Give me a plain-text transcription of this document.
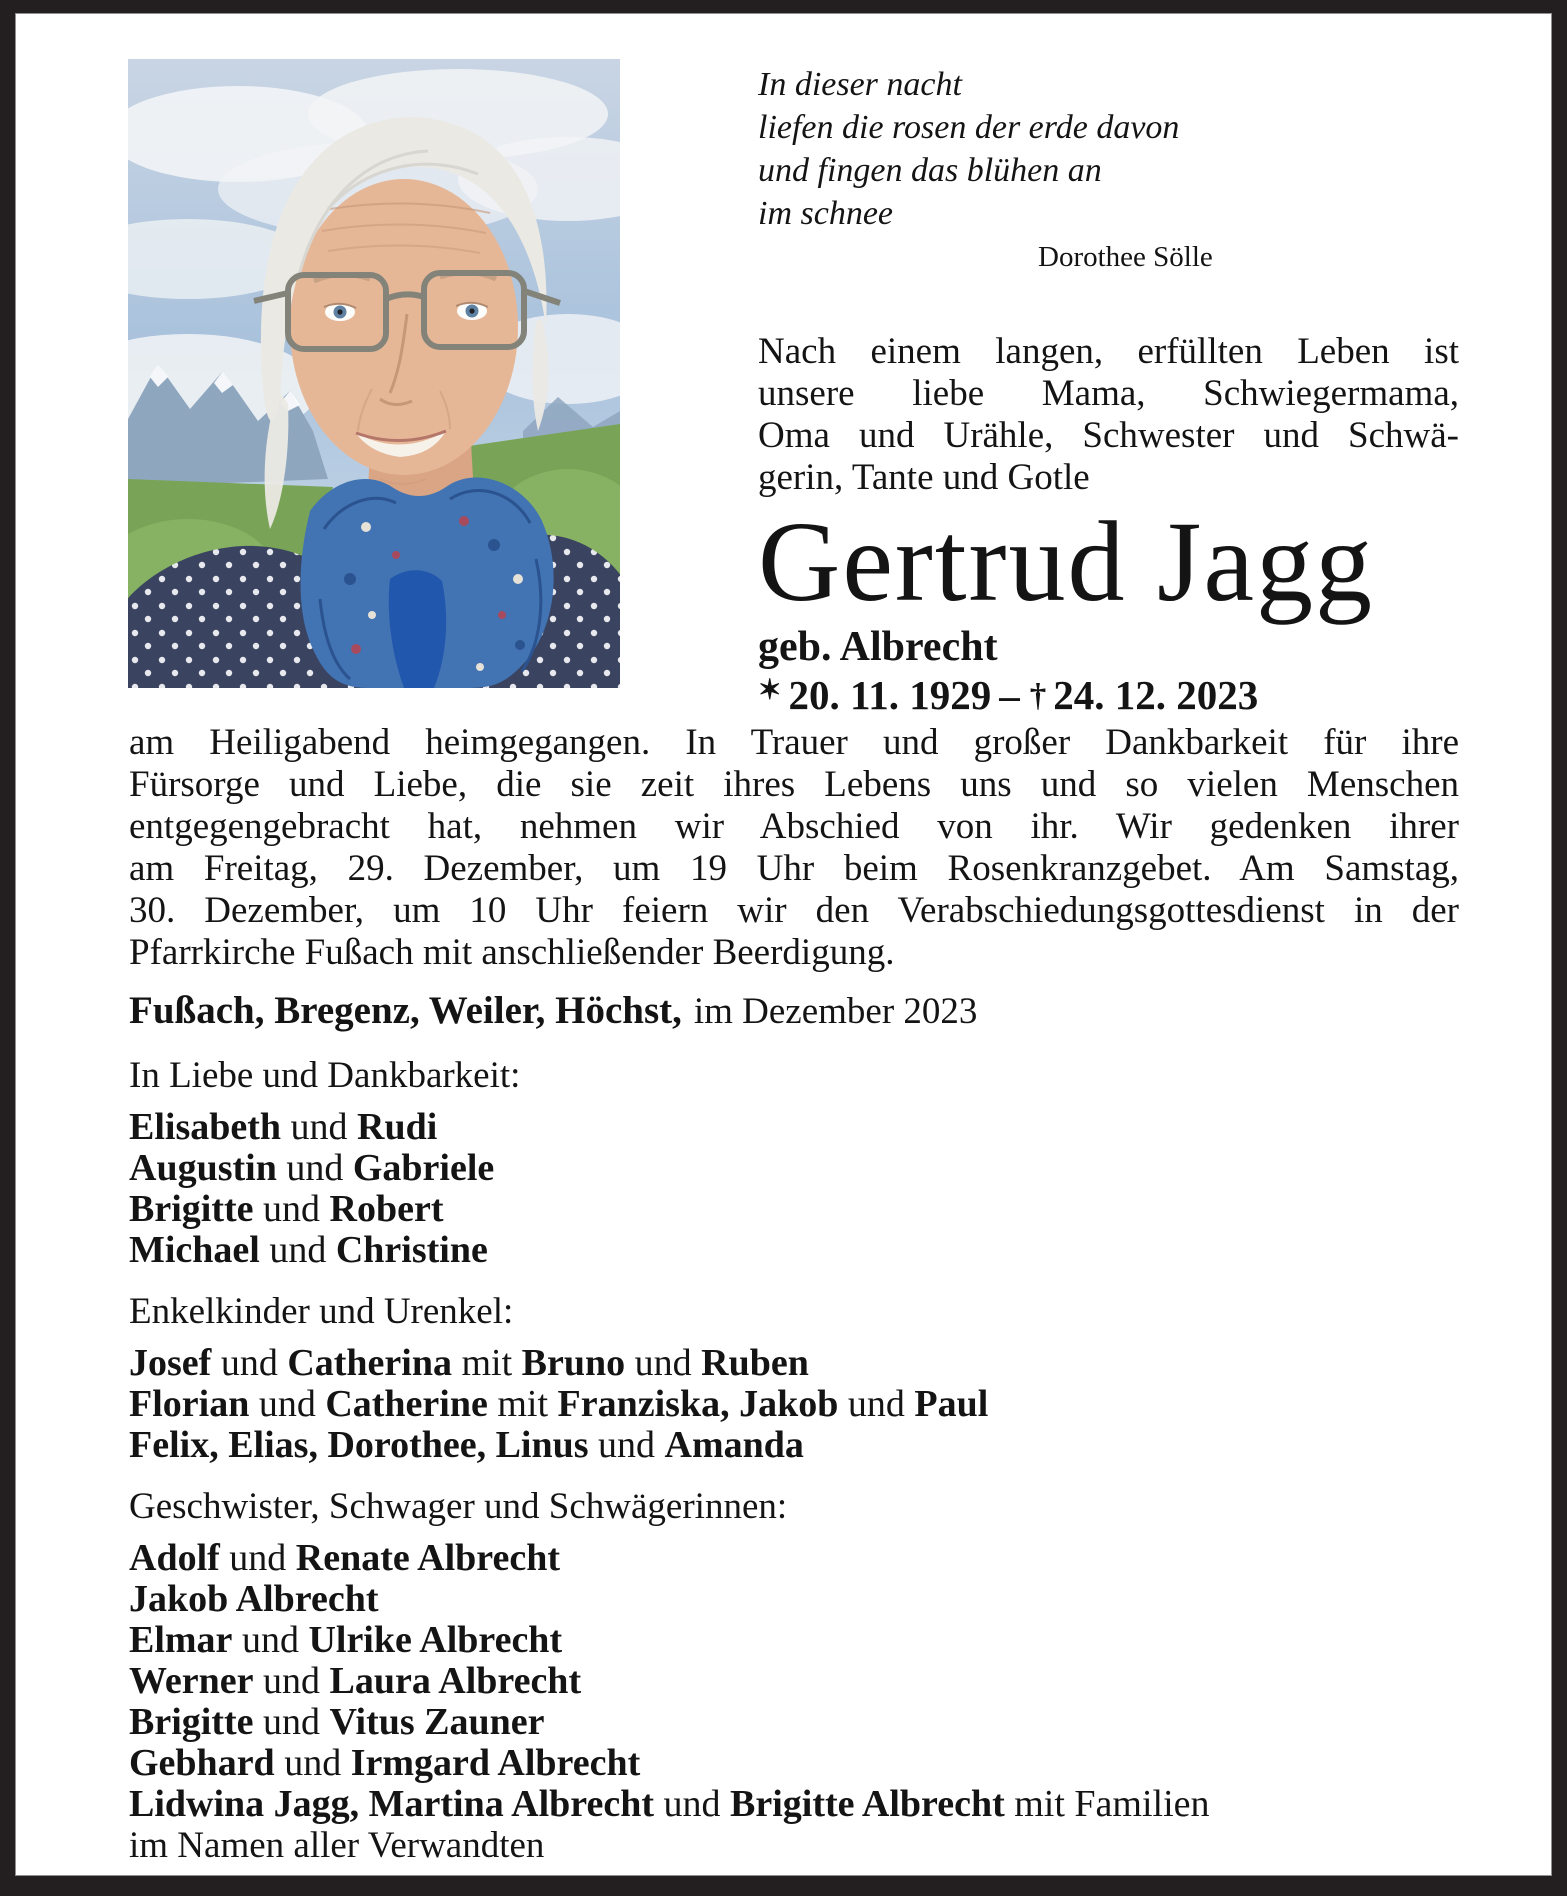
In dieser nacht
liefen die rosen der erde davon
und fingen das blühen an
im schnee
Dorothee Sölle
Nach einem langen, erfüllten Leben ist
unsere liebe Mama, Schwiegermama,
Oma und Urähle, Schwester und Schwä-
gerin, Tante und Gotle
Gertrud Jagg
geb. Albrecht
✶ 20. 11. 1929 – † 24. 12. 2023
am Heiligabend heimgegangen. In Trauer und großer Dankbarkeit für ihre
Fürsorge und Liebe, die sie zeit ihres Lebens uns und so vielen Menschen
entgegengebracht hat, nehmen wir Abschied von ihr. Wir gedenken ihrer
am Freitag, 29. Dezember, um 19 Uhr beim Rosenkranzgebet. Am Samstag,
30. Dezember, um 10 Uhr feiern wir den Verabschiedungsgottesdienst in der
Pfarrkirche Fußach mit anschließender Beerdigung.
Fußach, Bregenz, Weiler, Höchst, im Dezember 2023
In Liebe und Dankbarkeit:
Elisabeth und Rudi
Augustin und Gabriele
Brigitte und Robert
Michael und Christine
Enkelkinder und Urenkel:
Josef und Catherina mit Bruno und Ruben
Florian und Catherine mit Franziska, Jakob und Paul
Felix, Elias, Dorothee, Linus und Amanda
Geschwister, Schwager und Schwägerinnen:
Adolf und Renate Albrecht
Jakob Albrecht
Elmar und Ulrike Albrecht
Werner und Laura Albrecht
Brigitte und Vitus Zauner
Gebhard und Irmgard Albrecht
Lidwina Jagg, Martina Albrecht und Brigitte Albrecht mit Familien
im Namen aller Verwandten
